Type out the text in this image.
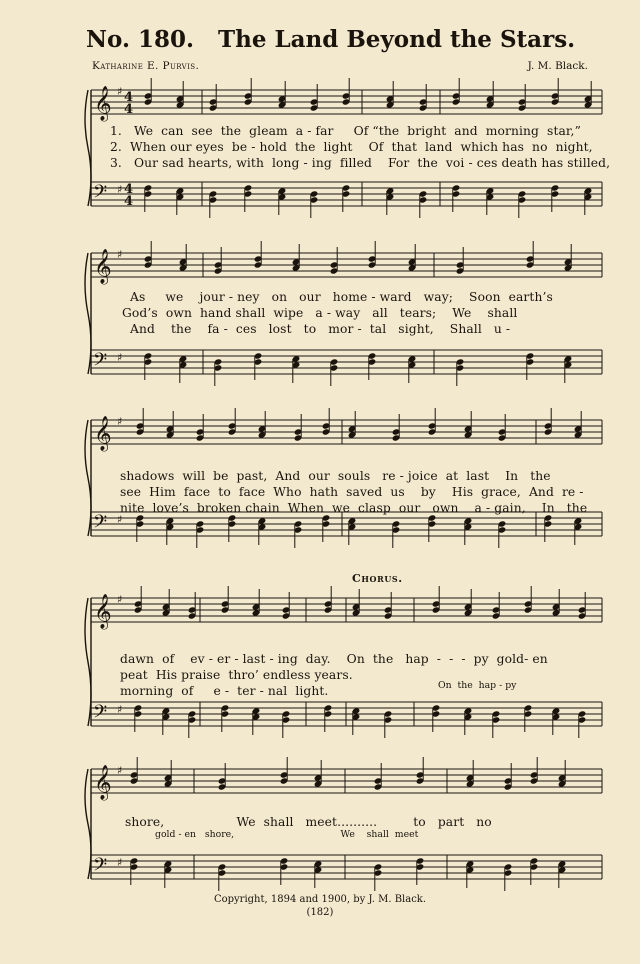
No. 180. The Land Beyond the Stars.
Katharine E. Purvis.	J. M. Black.
𝄞
𝄢
♯
♯
4
4
4
4
1.   We  can  see  the  gleam  a - far     Of “the  bright  and  morning  star,”
2.  When our eyes  be - hold  the  light    Of  that  land  which has  no  night,
3.   Our sad hearts, with  long - ing  filled    For  the  voi - ces death has stilled,
𝄞
𝄢
♯
♯
As     we    jour - ney   on   our   home - ward   way;    Soon  earth’s
God’s  own  hand shall  wipe   a - way   all   tears;    We    shall
And    the    fa -  ces   lost   to   mor -  tal   sight,    Shall   u -
𝄞
𝄢
♯
♯
shadows  will  be  past,  And  our  souls   re - joice  at  last    In   the
see  Him  face  to  face  Who  hath  saved  us    by    His  grace,  And  re -
nite  love’s  broken chain  When  we  clasp  our   own    a - gain,    In   the
Chorus.
𝄞
𝄢
♯
♯
dawn  of    ev - er - last - ing  day.    On  the   hap  -  -  -  py  gold- en
peat  His praise  thro’ endless years.
morning  of     e -  ter - nal  light.	On  the  hap - py
𝄞
𝄢
♯
♯
shore,                  We  shall   meet..........         to   part   no
gold - en   shore,                                    We    shall  meet
Copyright, 1894 and 1900, by J. M. Black.
(182)
